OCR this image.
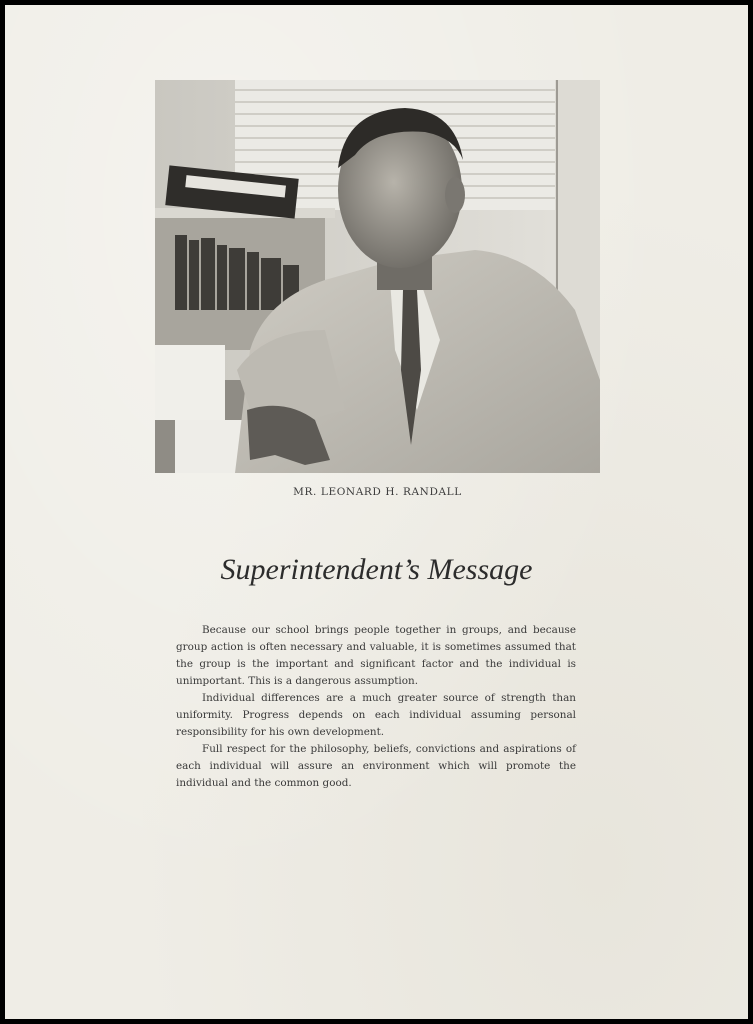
MR. LEONARD H. RANDALL
Superintendent’s Message

Because our school brings people together in groups, and because group action is often necessary and valuable, it is sometimes assumed that the group is the important and significant factor and the individual is unimportant. This is a dangerous assumption.

Individual differences are a much greater source of strength than uniformity. Progress depends on each individual assuming personal responsibility for his own development.

Full respect for the philosophy, beliefs, convictions and aspirations of each individual will assure an environment which will promote the individual and the common good.
